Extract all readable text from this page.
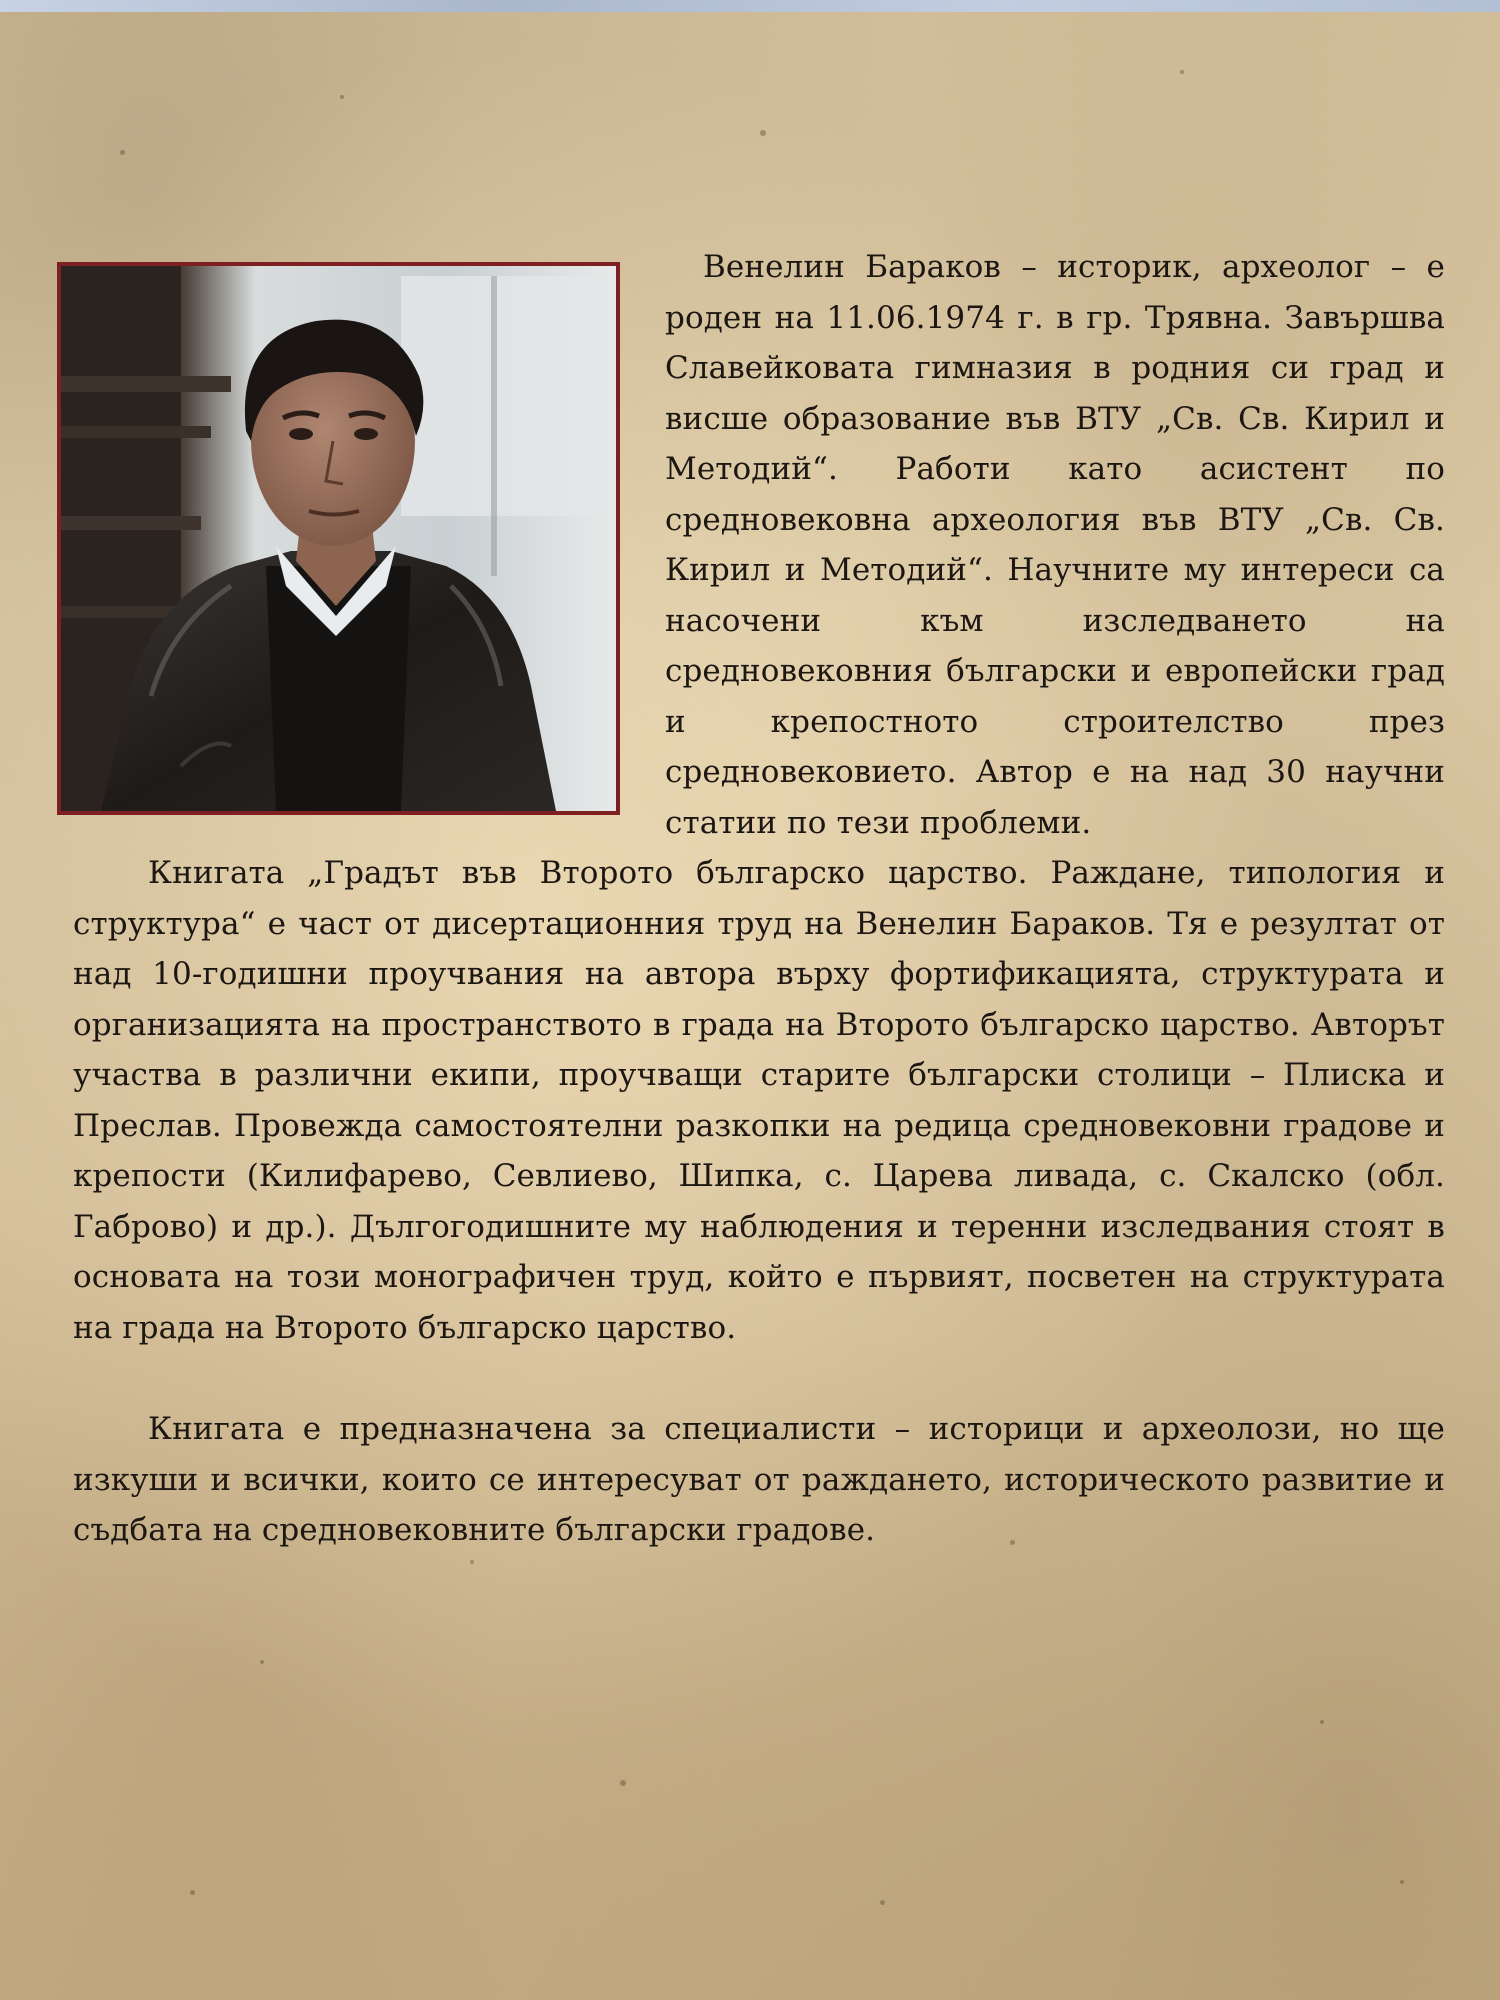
Венелин Бараков – историк, археолог – е роден на 11.06.1974 г. в гр. Трявна. Завършва Славейковата гимназия в родния си град и висше образование във ВТУ „Св. Св. Кирил и Методий“. Работи като асистент по средновековна археология във ВТУ „Св. Св. Кирил и Методий“. Научните му интереси са насочени към изследването на средновековния български и европейски град и крепостното строителство през средновековието. Автор е на над 30 научни статии по тези проблеми.

Книгата „Градът във Второто българско царство. Раждане, типология и структура“ е част от дисертационния труд на Венелин Бараков. Тя е резултат от над 10-годишни проучвания на автора върху фортификацията, структурата и организацията на пространството в града на Второто българско царство. Авторът участва в различни екипи, проучващи старите български столици – Плиска и Преслав. Провежда самостоятелни разкопки на редица средновековни градове и крепости (Килифарево, Севлиево, Шипка, с. Царева ливада, с. Скалско (обл. Габрово) и др.). Дългогодишните му наблюдения и теренни изследвания стоят в основата на този монографичен труд, който е първият, посветен на структурата на града на Второто българско царство.

Книгата е предназначена за специалисти – историци и археолози, но ще изкуши и всички, които се интересуват от раждането, историческото развитие и съдбата на средновековните български градове.
